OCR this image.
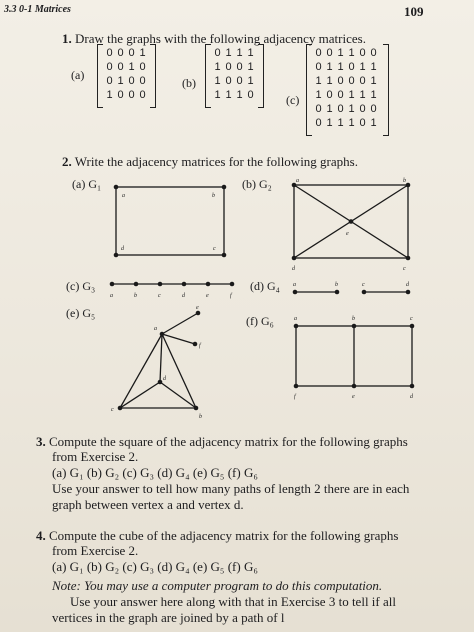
3.3 0-1 Matrices	109
1. Draw the graphs with the following adjacency matrices.
(a)
0 0 0 1
0 0 1 0
0 1 0 0
1 0 0 0
(b)
0 1 1 1
1 0 0 1
1 0 0 1
1 1 1 0	(c)
0 0 1 1 0 0
0 1 1 0 1 1
1 1 0 0 0 1
1 0 0 1 1 1
0 1 0 1 0 0
0 1 1 1 0 1
2. Write the adjacency matrices for the following graphs.
(a) G₁	(b) G₂
(c) G₃	(d) G₄
(e) G₅
(f) G₆
a	b
c
d
a	b
c
d
e
a	b	c	d	e	f
a	b	c	d
a
b
c
d
e
f
a	b	c
d
e
f
3. Compute the square of the adjacency matrix for the following graphs
from Exercise 2.
(a) G₁ (b) G₂ (c) G₃ (d) G₄ (e) G₅ (f) G₆
Use your answer to tell how many paths of length 2 there are in each
graph between vertex a and vertex d.
4. Compute the cube of the adjacency matrix for the following graphs
from Exercise 2.
(a) G₁ (b) G₂ (c) G₃ (d) G₄ (e) G₅ (f) G₆
Note: You may use a computer program to do this computation.
Use your answer here along with that in Exercise 3 to tell if all
vertices in the graph are joined by a path of l
